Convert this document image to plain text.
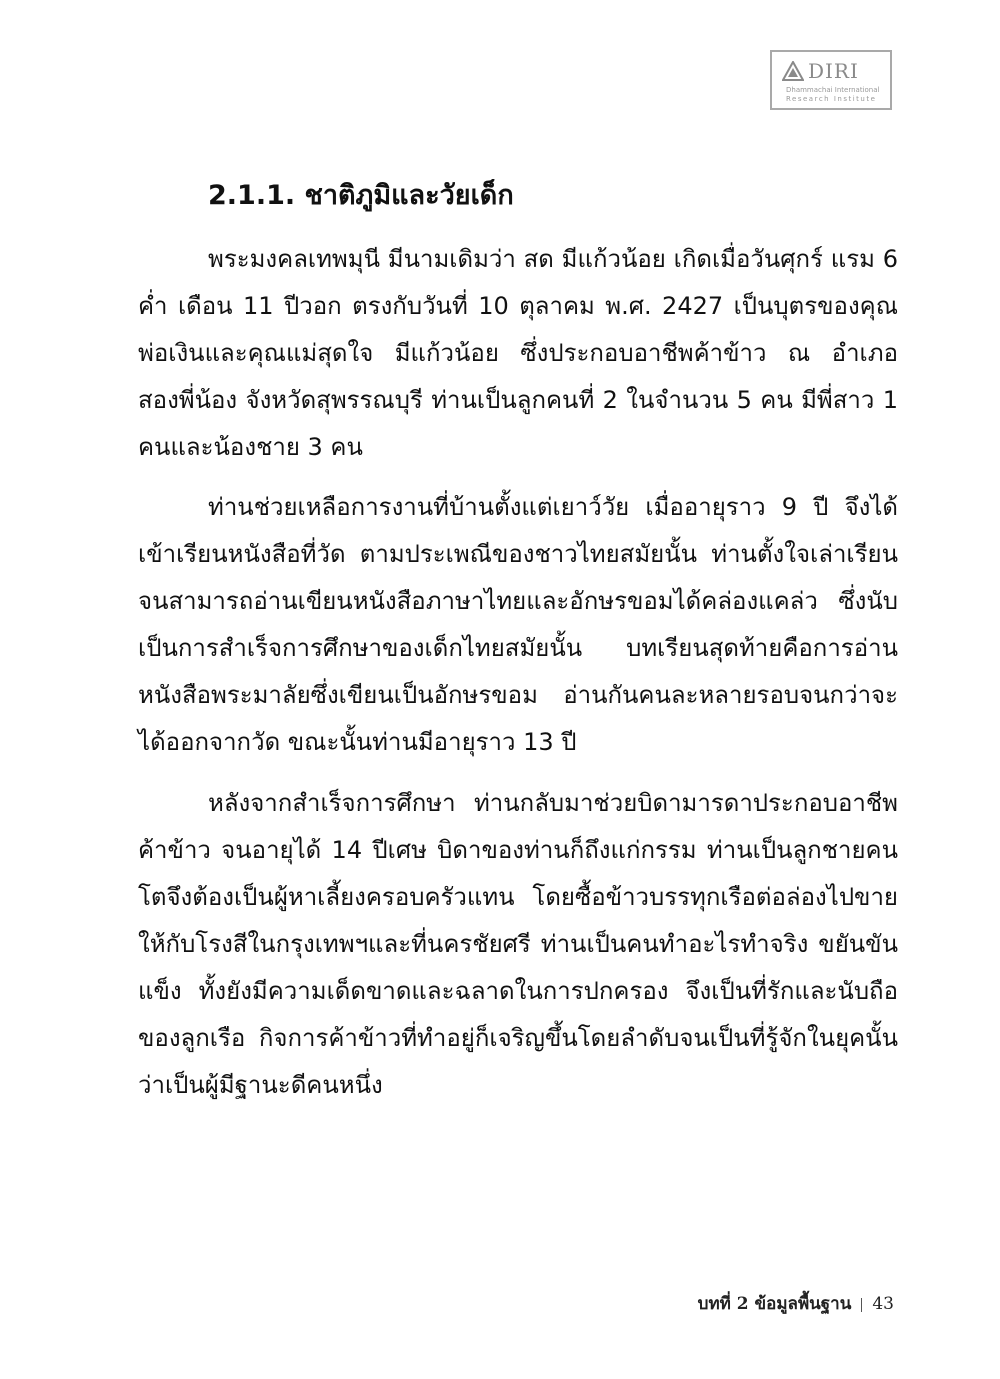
DIRI
Dhammachai International
Research Institute
2.1.1. ชาติภูมิและวัยเด็ก

พระมงคลเทพมุนี มีนามเดิมว่า สด มีแก้วน้อย เกิดเมื่อวันศุกร์ แรม 6 ค่ำ เดือน 11 ปีวอก ตรงกับวันที่ 10 ตุลาคม พ.ศ. 2427 เป็นบุตรของคุณพ่อเงินและคุณแม่สุดใจ มีแก้วน้อย ซึ่งประกอบอาชีพค้าข้าว ณ อำเภอสองพี่น้อง จังหวัดสุพรรณบุรี ท่านเป็นลูกคนที่ 2 ในจำนวน 5 คน มีพี่สาว 1 คนและน้องชาย 3 คน

ท่านช่วยเหลือการงานที่บ้านตั้งแต่เยาว์วัย เมื่ออายุราว 9 ปี จึงได้เข้าเรียนหนังสือที่วัด ตามประเพณีของชาวไทยสมัยนั้น ท่านตั้งใจเล่าเรียนจนสามารถอ่านเขียนหนังสือภาษาไทยและอักษรขอมได้คล่องแคล่ว ซึ่งนับเป็นการสำเร็จการศึกษาของเด็กไทยสมัยนั้น บทเรียนสุดท้ายคือการอ่านหนังสือพระมาลัยซึ่งเขียนเป็นอักษรขอม อ่านกันคนละหลายรอบจนกว่าจะได้ออกจากวัด ขณะนั้นท่านมีอายุราว 13 ปี

หลังจากสำเร็จการศึกษา ท่านกลับมาช่วยบิดามารดาประกอบอาชีพค้าข้าว จนอายุได้ 14 ปีเศษ บิดาของท่านก็ถึงแก่กรรม ท่านเป็นลูกชายคนโตจึงต้องเป็นผู้หาเลี้ยงครอบครัวแทน โดยซื้อข้าวบรรทุกเรือต่อล่องไปขายให้กับโรงสีในกรุงเทพฯและที่นครชัยศรี ท่านเป็นคนทำอะไรทำจริง ขยันขันแข็ง ทั้งยังมีความเด็ดขาดและฉลาดในการปกครอง จึงเป็นที่รักและนับถือของลูกเรือ กิจการค้าข้าวที่ทำอยู่ก็เจริญขึ้นโดยลำดับจนเป็นที่รู้จักในยุคนั้นว่าเป็นผู้มีฐานะดีคนหนึ่ง

บทที่ 2 ข้อมูลพื้นฐาน 43
